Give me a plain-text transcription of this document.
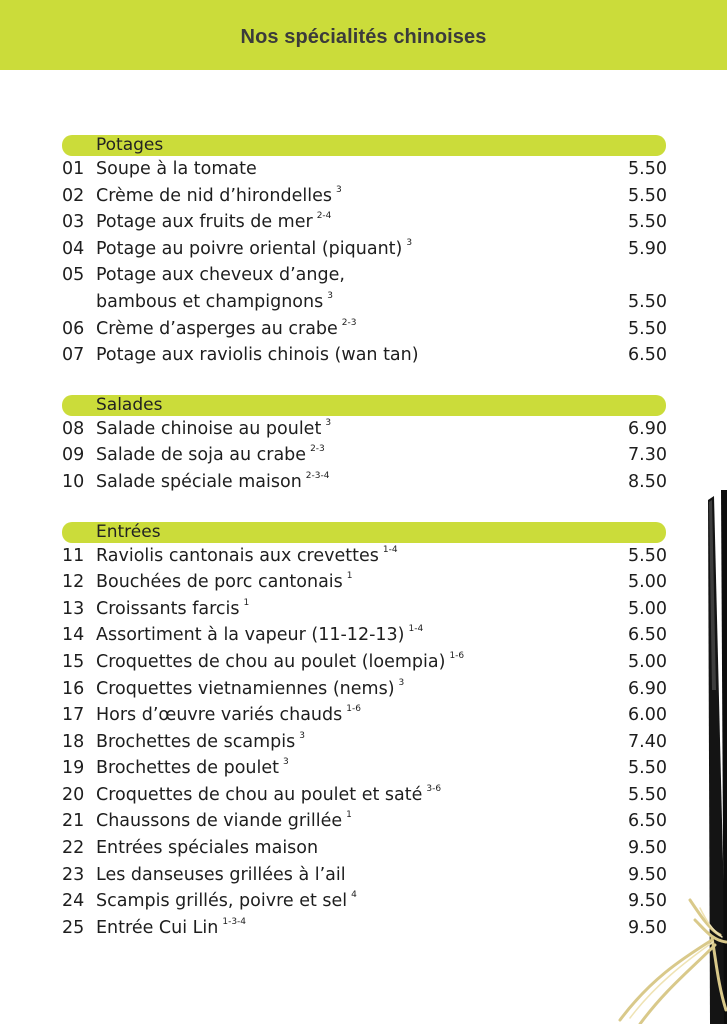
Nos spécialités chinoises
Potages
01 Soupe à la tomate	5.50
02 Crème de nid d’hirondelles $^3$	5.50
03 Potage aux fruits de mer $^{2-4}$	5.50
04 Potage au poivre oriental (piquant) $^3$	5.90
05 Potage aux cheveux d’ange,
bambous et champignons $^3$	5.50
06 Crème d’asperges au crabe $^{2-3}$	5.50
07 Potage aux raviolis chinois (wan tan)	6.50
Salades
08 Salade chinoise au poulet $^3$	6.90
09 Salade de soja au crabe $^{2-3}$	7.30
10 Salade spéciale maison $^{2-3-4}$	8.50
Entrées
11 Raviolis cantonais aux crevettes $^{1-4}$	5.50
12 Bouchées de porc cantonais $^1$	5.00
13 Croissants farcis $^1$	5.00
14 Assortiment à la vapeur (11-12-13) $^{1-4}$	6.50
15 Croquettes de chou au poulet (loempia) $^{1-6}$	5.00
16 Croquettes vietnamiennes (nems) $^3$	6.90
17 Hors d’œuvre variés chauds $^{1-6}$	6.00
18 Brochettes de scampis $^3$	7.40
19 Brochettes de poulet $^3$	5.50
20 Croquettes de chou au poulet et saté $^{3-6}$	5.50
21 Chaussons de viande grillée $^1$	6.50
22 Entrées spéciales maison	9.50
23 Les danseuses grillées à l’ail	9.50
24 Scampis grillés, poivre et sel $^4$	9.50
25 Entrée Cui Lin $^{1-3-4}$	9.50
